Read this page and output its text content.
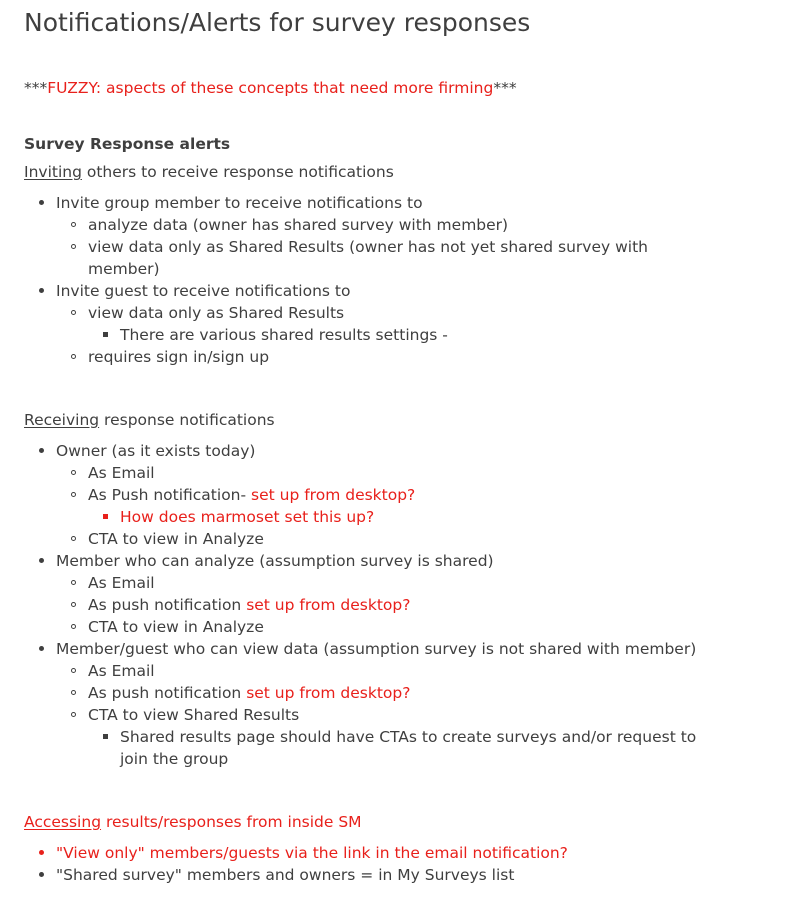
Notifications/Alerts for survey responses
***FUZZY: aspects of these concepts that need more firming***
Survey Response alerts
Inviting others to receive response notifications
Invite group member to receive notifications to
analyze data (owner has shared survey with member)
view data only as Shared Results (owner has not yet shared survey with
member)
Invite guest to receive notifications to
view data only as Shared Results
There are various shared results settings -
requires sign in/sign up
Receiving response notifications
Owner (as it exists today)
As Email
As Push notification- set up from desktop?
How does marmoset set this up?
CTA to view in Analyze
Member who can analyze (assumption survey is shared)
As Email
As push notification set up from desktop?
CTA to view in Analyze
Member/guest who can view data (assumption survey is not shared with member)
As Email
As push notification set up from desktop?
CTA to view Shared Results
Shared results page should have CTAs to create surveys and/or request to
join the group
Accessing results/responses from inside SM
"View only" members/guests via the link in the email notification?
"Shared survey" members and owners = in My Surveys list
